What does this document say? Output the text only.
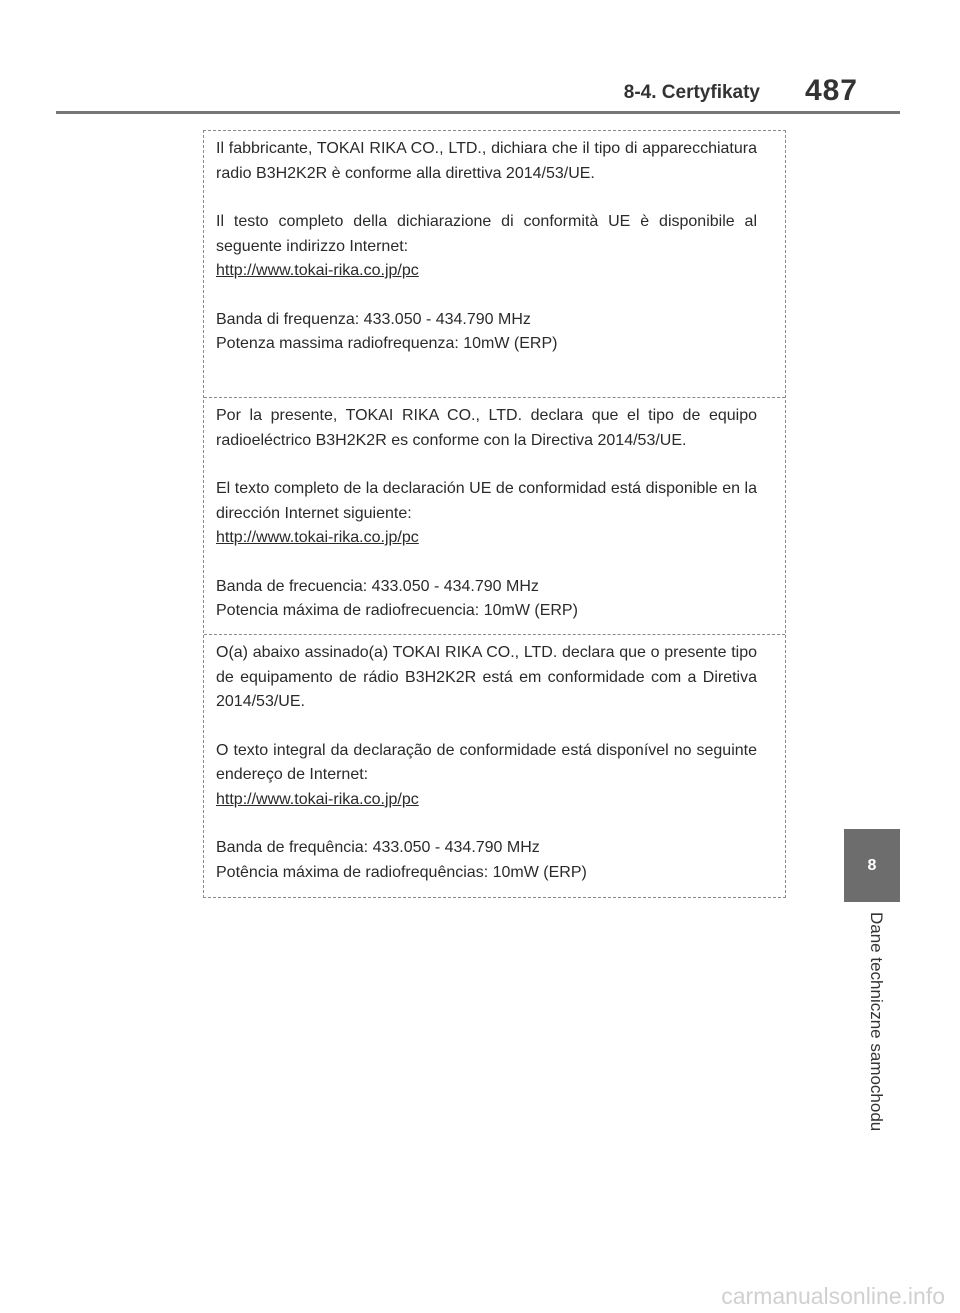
8-4. Certyfikaty 487

Il fabbricante, TOKAI RIKA CO., LTD., dichiara che il tipo di apparecchiatura radio B3H2K2R è conforme alla direttiva 2014/53/UE.

Il testo completo della dichiarazione di conformità UE è disponibile al seguente indirizzo Internet:

http://www.tokai-rika.co.jp/pc

Banda di frequenza: 433.050 - 434.790 MHz
Potenza massima radiofrequenza: 10mW (ERP)

Por la presente, TOKAI RIKA CO., LTD. declara que el tipo de equipo radioeléctrico B3H2K2R es conforme con la Directiva 2014/53/UE.

El texto completo de la declaración UE de conformidad está disponible en la dirección Internet siguiente:

http://www.tokai-rika.co.jp/pc

Banda de frecuencia: 433.050 - 434.790 MHz
Potencia máxima de radiofrecuencia: 10mW (ERP)

O(a) abaixo assinado(a) TOKAI RIKA CO., LTD. declara que o presente tipo de equipamento de rádio B3H2K2R está em conformidade com a Diretiva 2014/53/UE.

O texto integral da declaração de conformidade está disponível no seguinte endereço de Internet:

http://www.tokai-rika.co.jp/pc

Banda de frequência: 433.050 - 434.790 MHz
Potência máxima de radiofrequências: 10mW (ERP)	8
Dane techniczne samochodu
carmanualsonline.info
